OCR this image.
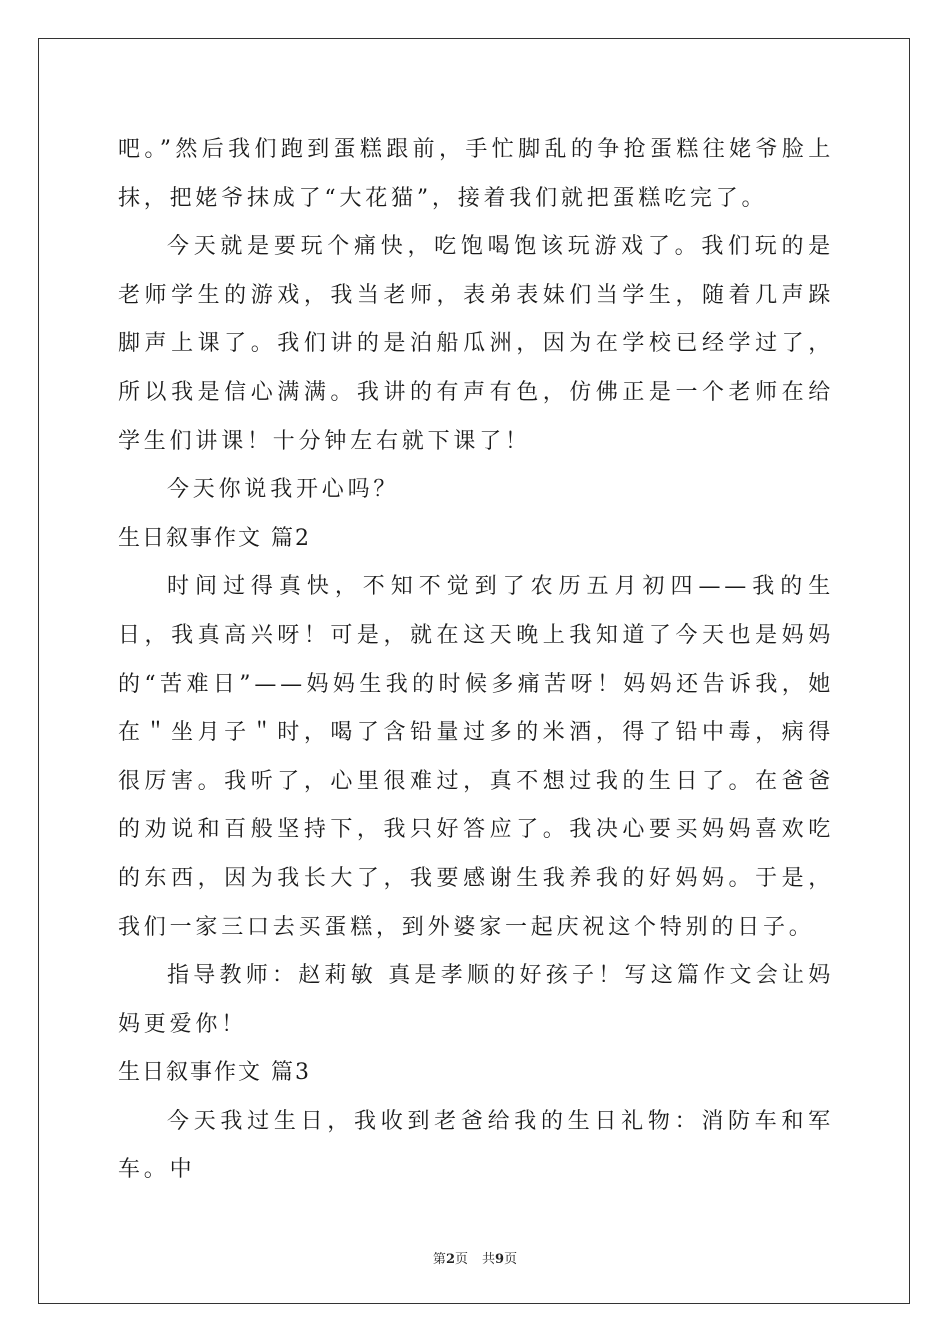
吧。”然后我们跑到蛋糕跟前，手忙脚乱的争抢蛋糕往姥爷脸上抹，把姥爷抹成了“大花猫”，接着我们就把蛋糕吃完了。

今天就是要玩个痛快，吃饱喝饱该玩游戏了。我们玩的是老师学生的游戏，我当老师，表弟表妹们当学生，随着几声跺脚声上课了。我们讲的是泊船瓜洲，因为在学校已经学过了，所以我是信心满满。我讲的有声有色，仿佛正是一个老师在给学生们讲课！十分钟左右就下课了！

今天你说我开心吗？

生日叙事作文 篇2

时间过得真快，不知不觉到了农历五月初四——我的生日，我真高兴呀！可是，就在这天晚上我知道了今天也是妈妈的“苦难日”——妈妈生我的时候多痛苦呀！妈妈还告诉我，她在＂坐月子＂时，喝了含铅量过多的米酒，得了铅中毒，病得很厉害。我听了，心里很难过，真不想过我的生日了。在爸爸的劝说和百般坚持下，我只好答应了。我决心要买妈妈喜欢吃的东西，因为我长大了，我要感谢生我养我的好妈妈。于是，我们一家三口去买蛋糕，到外婆家一起庆祝这个特别的日子。

指导教师：赵莉敏 真是孝顺的好孩子！写这篇作文会让妈妈更爱你！

生日叙事作文 篇3

今天我过生日，我收到老爸给我的生日礼物：消防车和军车。中

第2页 共9页
